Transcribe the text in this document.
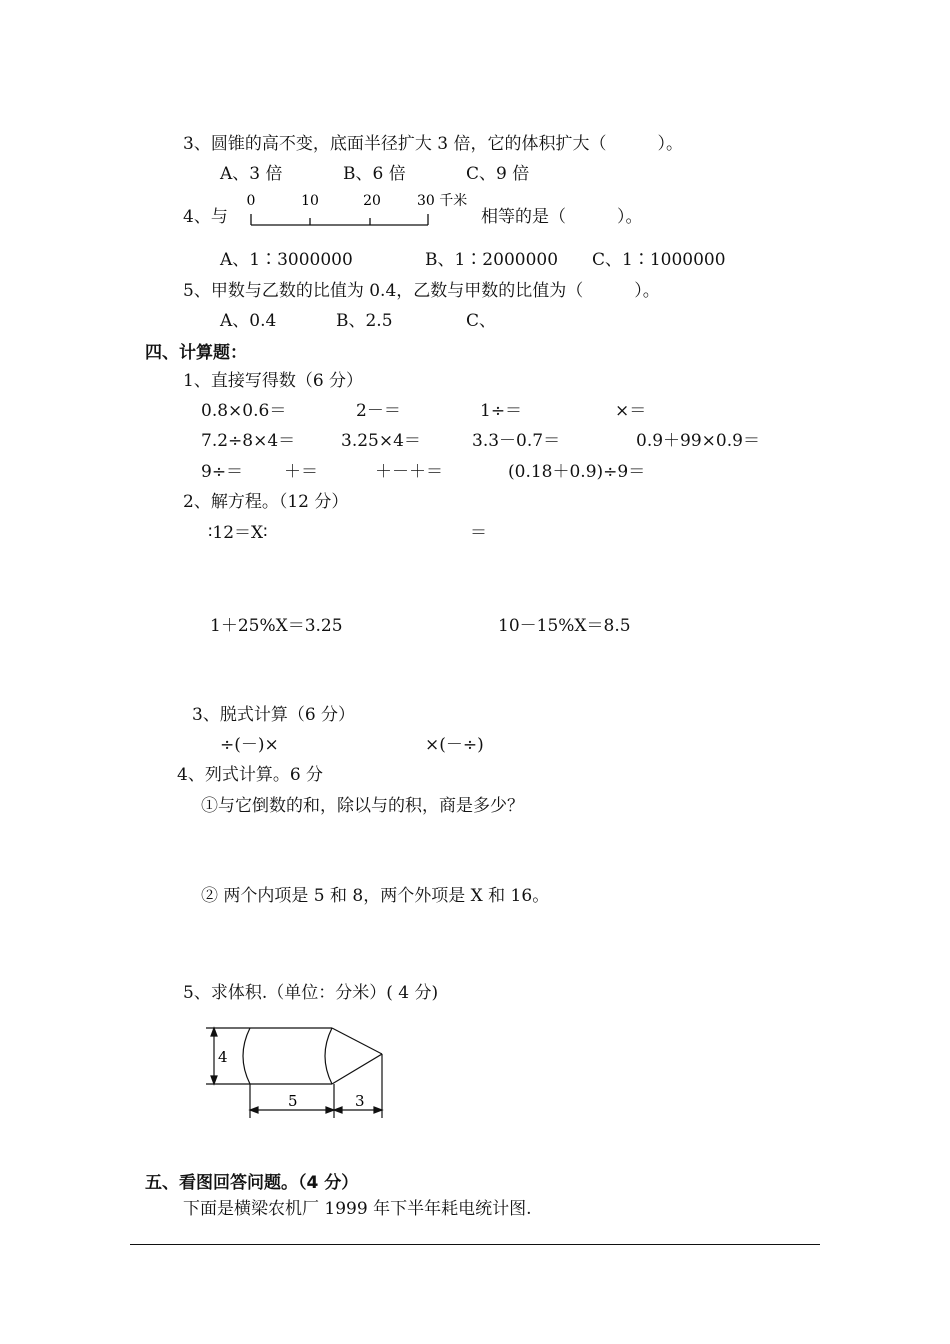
3、圆锥的高不变，底面半径扩大 3 倍，它的体积扩大（　　　）。
A、3 倍	B、6 倍	C、9 倍
4、与
0	10	20	30 千米
相等的是（　　　）。
A、1∶3000000	B、1∶2000000 C、1∶1000000
5、甲数与乙数的比值为 0.4，乙数与甲数的比值为（　　　）。
A、0.4	B、2.5	C、
四、计算题：
1、直接写得数（6 分）
0.8×0.6＝	2－＝	1÷＝	×＝
7.2÷8×4＝	3.25×4＝	3.3－0.7＝	0.9＋99×0.9＝
9÷＝ ＋＝	＋－＋＝	(0.18＋0.9)÷9＝
2、解方程。（12 分）
∶12＝X∶	＝
1＋25%X＝3.25	10－15%X＝8.5
3、脱式计算（6 分）
÷(－)×	×(－÷)
4、列式计算。6 分
①与它倒数的和，除以与的积，商是多少？
② 两个内项是 5 和 8，两个外项是 X 和 16。
5、求体积.（单位：分米）( 4 分)
4
5	3
五、看图回答问题。（4 分）
下面是横梁农机厂 1999 年下半年耗电统计图.
